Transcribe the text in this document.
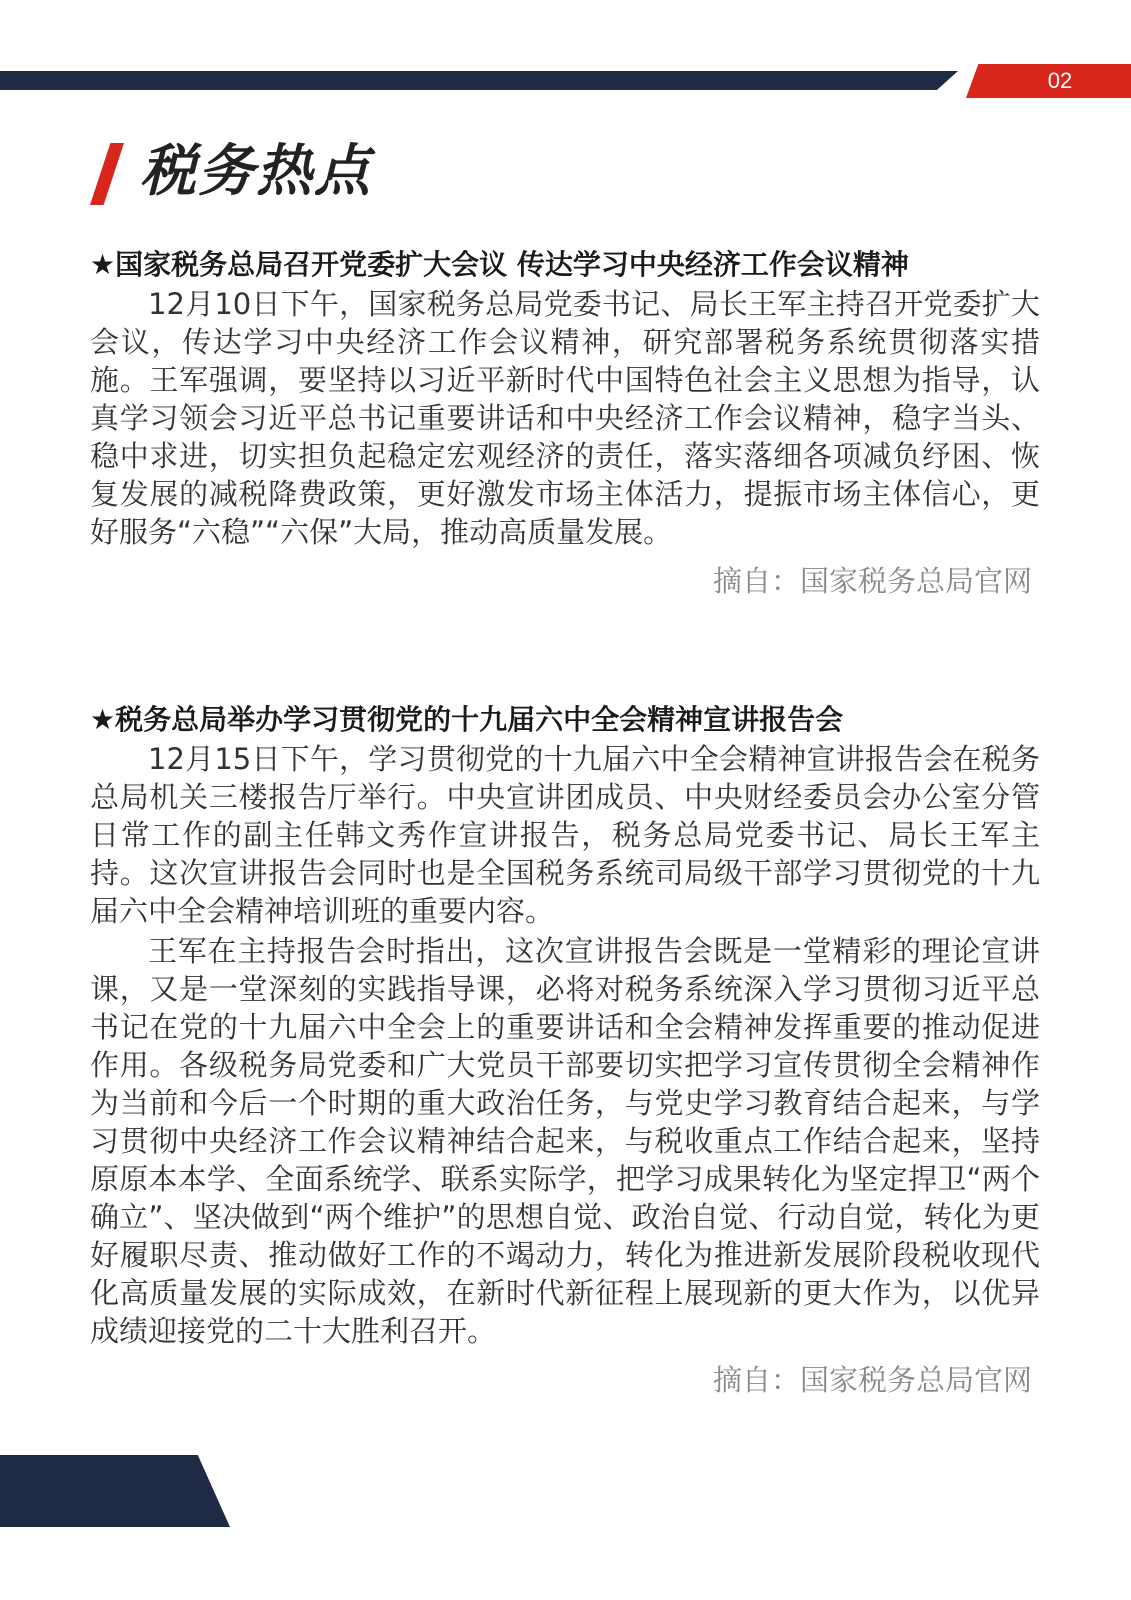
02
税务热点
★国家税务总局召开党委扩大会议 传达学习中央经济工作会议精神

12月10日下午，国家税务总局党委书记、局长王军主持召开党委扩大会议，传达学习中央经济工作会议精神，研究部署税务系统贯彻落实措施。王军强调，要坚持以习近平新时代中国特色社会主义思想为指导，认真学习领会习近平总书记重要讲话和中央经济工作会议精神，稳字当头、稳中求进，切实担负起稳定宏观经济的责任，落实落细各项减负纾困、恢复发展的减税降费政策，更好激发市场主体活力，提振市场主体信心，更好服务“六稳”“六保”大局，推动高质量发展。

摘自：国家税务总局官网
★税务总局举办学习贯彻党的十九届六中全会精神宣讲报告会

12月15日下午，学习贯彻党的十九届六中全会精神宣讲报告会在税务总局机关三楼报告厅举行。中央宣讲团成员、中央财经委员会办公室分管日常工作的副主任韩文秀作宣讲报告，税务总局党委书记、局长王军主持。这次宣讲报告会同时也是全国税务系统司局级干部学习贯彻党的十九届六中全会精神培训班的重要内容。

王军在主持报告会时指出，这次宣讲报告会既是一堂精彩的理论宣讲课，又是一堂深刻的实践指导课，必将对税务系统深入学习贯彻习近平总书记在党的十九届六中全会上的重要讲话和全会精神发挥重要的推动促进作用。各级税务局党委和广大党员干部要切实把学习宣传贯彻全会精神作为当前和今后一个时期的重大政治任务，与党史学习教育结合起来，与学习贯彻中央经济工作会议精神结合起来，与税收重点工作结合起来，坚持原原本本学、全面系统学、联系实际学，把学习成果转化为坚定捍卫“两个确立”、坚决做到“两个维护”的思想自觉、政治自觉、行动自觉，转化为更好履职尽责、推动做好工作的不竭动力，转化为推进新发展阶段税收现代化高质量发展的实际成效，在新时代新征程上展现新的更大作为，以优异成绩迎接党的二十大胜利召开。

摘自：国家税务总局官网
